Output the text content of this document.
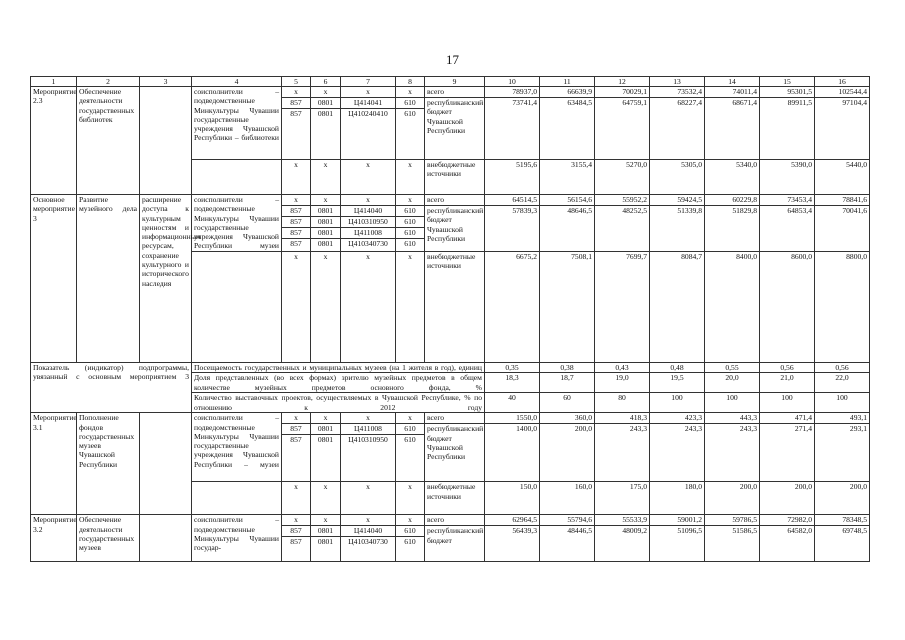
17
1	2	3	4	5	6	7	8	9	10	11	12	13	14	15	16
Мероприятие 2.3	Обеспечение деятельности государственных библиотек		соисполнители – подведомственные Минкультуры Чувашии государственные учреждения Чувашской Республики – библиотеки	x	x	x	x	всего	78937,0	66639,9	70029,1	73532,4	74011,4	95301,5	102544,4
				857	0801	Ц414041	610	республиканский бюджет Чувашской Республики	73741,4	63484,5	64759,1	68227,4	68671,4	89911,5	97104,4
				857	0801	Ц410240410	610								
				x	x	x	x	внебюджетные источники	5195,6	3155,4	5270,0	5305,0	5340,0	5390,0	5440,0
Основное мероприятие 3	Развитие музейного дела	расширение доступа к культурным ценностям и информационным ресурсам, сохранение культурного и исторического наследия	соисполнители – подведомственные Минкультуры Чувашии государственные учреждения Чувашской Республики музеи	x	x	x	x	всего	64514,5	56154,6	55952,2	59424,5	60229,8	73453,4	78841,6
				857	0801	Ц414040	610	республиканский бюджет Чувашской Республики	57839,3	48646,5	48252,5	51339,8	51829,8	64853,4	70041,6
				857	0801	Ц410310950	610								
				857	0801	Ц411008	610								
				857	0801	Ц410340730	610								
				x	x	x	x	внебюджетные источники	6675,2	7508,1	7699,7	8084,7	8400,0	8600,0	8800,0
Показатель (индикатор) подпрограммы, увязанный с основным мероприятием 3			Посещаемость государственных и муниципальных музеев (на 1 жителя в год), единиц						0,35	0,38	0,43	0,48	0,55	0,56	0,56
			Доля представленных (во всех формах) зрителю музейных предметов в общем количестве музейных предметов основного фонда, %						18,3	18,7	19,0	19,5	20,0	21,0	22,0
			Количество выставочных проектов, осуществляемых в Чувашской Республике, % по отношению к 2012 году						40	60	80	100	100	100	100
Мероприятие 3.1	Пополнение фондов государственных музеев Чувашской Республики		соисполнители – подведомственные Минкультуры Чувашии государственные учреждения Чувашской Республики – музеи	x	x	x	x	всего	1550,0	360,0	418,3	423,3	443,3	471,4	493,1
				857	0801	Ц411008	610	республиканский бюджет Чувашской Республики	1400,0	200,0	243,3	243,3	243,3	271,4	293,1
				857	0801	Ц410310950	610								
				x	x	x	x	внебюджетные источники	150,0	160,0	175,0	180,0	200,0	200,0	200,0
Мероприятие 3.2	Обеспечение деятельности государственных музеев		соисполнители – подведомственные Минкультуры Чувашии государ-	x	x	x	x	всего	62964,5	55794,6	55533,9	59001,2	59786,5	72982,0	78348,5
				857	0801	Ц414040	610	республиканский бюджет	56439,3	48446,5	48009,2	51096,5	51586,5	64582,0	69748,5
				857	0801	Ц410340730	610								
